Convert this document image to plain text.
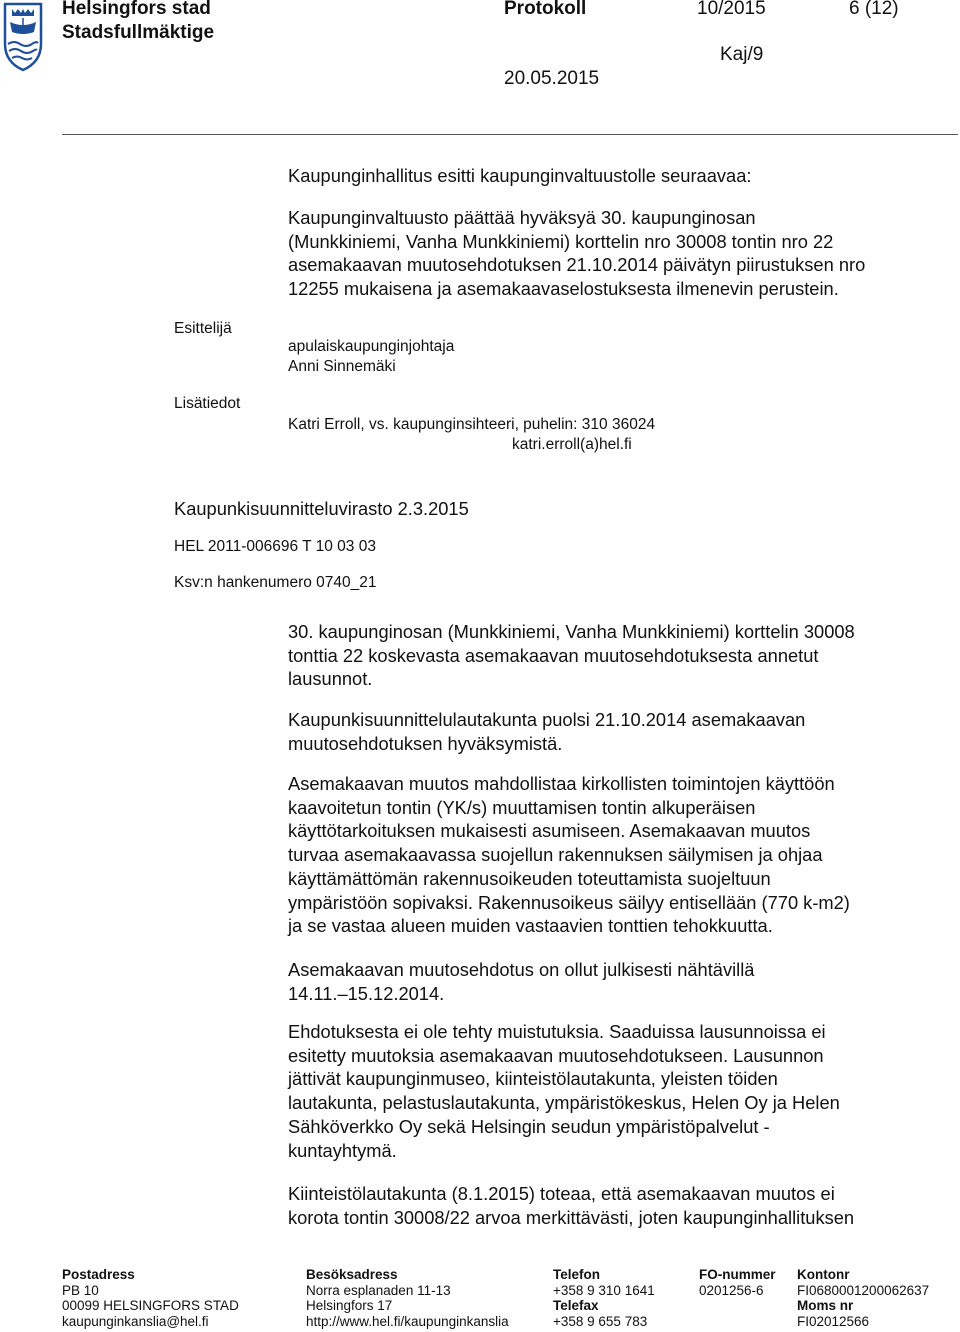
Helsingfors stad
Stadsfullmäktige
Protokoll	10/2015	6 (12)
Kaj/9
20.05.2015
Kaupunginhallitus esitti kaupunginvaltuustolle seuraavaa:
Kaupunginvaltuusto päättää hyväksyä 30. kaupunginosan
(Munkkiniemi, Vanha Munkkiniemi) korttelin nro 30008 tontin nro 22
asemakaavan muutosehdotuksen 21.10.2014 päivätyn piirustuksen nro
12255 mukaisena ja asemakaavaselostuksesta ilmenevin perustein.
Esittelijä
apulaiskaupunginjohtaja
Anni Sinnemäki
Lisätiedot
Katri Erroll, vs. kaupunginsihteeri, puhelin: 310 36024
katri.erroll(a)hel.fi
Kaupunkisuunnitteluvirasto 2.3.2015
HEL 2011-006696 T 10 03 03
Ksv:n hankenumero 0740_21
30. kaupunginosan (Munkkiniemi, Vanha Munkkiniemi) korttelin 30008
tonttia 22 koskevasta asemakaavan muutosehdotuksesta annetut
lausunnot.
Kaupunkisuunnittelulautakunta puolsi 21.10.2014 asemakaavan
muutosehdotuksen hyväksymistä.
Asemakaavan muutos mahdollistaa kirkollisten toimintojen käyttöön
kaavoitetun tontin (YK/s) muuttamisen tontin alkuperäisen
käyttötarkoituksen mukaisesti asumiseen. Asemakaavan muutos
turvaa asemakaavassa suojellun rakennuksen säilymisen ja ohjaa
käyttämättömän rakennusoikeuden toteuttamista suojeltuun
ympäristöön sopivaksi. Rakennusoikeus säilyy entisellään (770 k-m2)
ja se vastaa alueen muiden vastaavien tonttien tehokkuutta.
Asemakaavan muutosehdotus on ollut julkisesti nähtävillä
14.11.–15.12.2014.
Ehdotuksesta ei ole tehty muistutuksia. Saaduissa lausunnoissa ei
esitetty muutoksia asemakaavan muutosehdotukseen. Lausunnon
jättivät kaupunginmuseo, kiinteistölautakunta, yleisten töiden
lautakunta, pelastuslautakunta, ympäristökeskus, Helen Oy ja Helen
Sähköverkko Oy sekä Helsingin seudun ympäristöpalvelut -
kuntayhtymä.
Kiinteistölautakunta (8.1.2015) toteaa, että asemakaavan muutos ei
korota tontin 30008/22 arvoa merkittävästi, joten kaupunginhallituksen
Postadress
PB 10
00099 HELSINGFORS STAD
kaupunginkanslia@hel.fi
Besöksadress
Norra esplanaden 11-13
Helsingfors 17
http://www.hel.fi/kaupunginkanslia
Telefon
+358 9 310 1641
Telefax
+358 9 655 783
FO-nummer
0201256-6
Kontonr
FI0680001200062637
Moms nr
FI02012566
